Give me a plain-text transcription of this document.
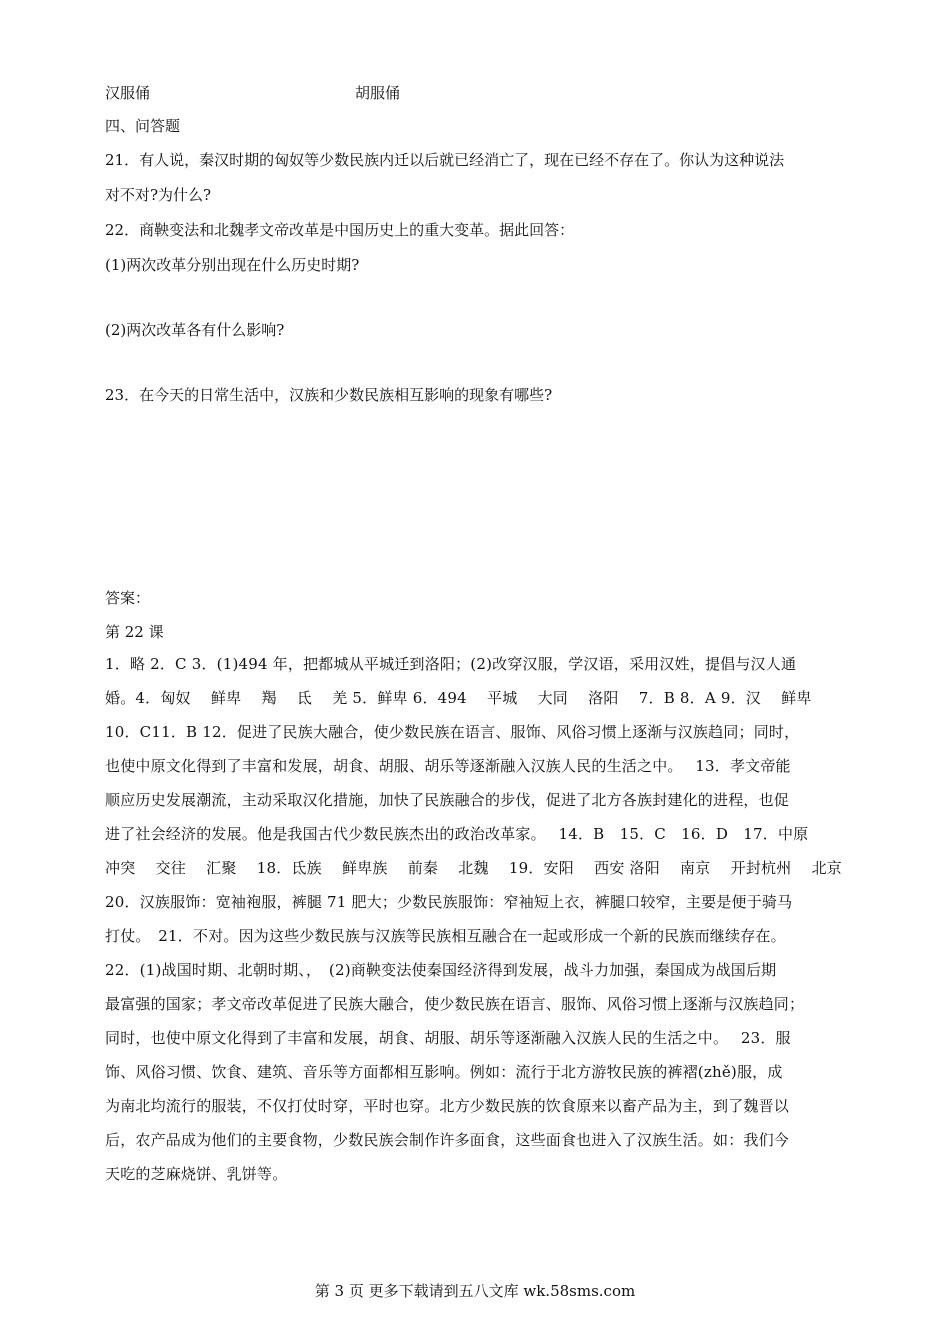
汉服俑	胡服俑
四、问答题
21．有人说，秦汉时期的匈奴等少数民族内迁以后就已经消亡了，现在已经不存在了。你认为这种说法
对不对?为什么?
22．商鞅变法和北魏孝文帝改革是中国历史上的重大变革。据此回答：
(1)两次改革分别出现在什么历史时期?
(2)两次改革各有什么影响?
23．在今天的日常生活中，汉族和少数民族相互影响的现象有哪些?
答案：
第 22 课
1．略 2．C 3．(1)494 年，把都城从平城迁到洛阳；(2)改穿汉服，学汉语，采用汉姓，提倡与汉人通
婚。4．匈奴　 鲜卑　 羯　 氐　 羌 5．鲜卑 6．494　 平城　 大同　 洛阳　 7．B 8．A 9．汉　 鲜卑
10．C11．B 12．促进了民族大融合，使少数民族在语言、服饰、风俗习惯上逐渐与汉族趋同；同时，
也使中原文化得到了丰富和发展，胡食、胡服、胡乐等逐渐融入汉族人民的生活之中。　 13．孝文帝能
顺应历史发展潮流，主动采取汉化措施，加快了民族融合的步伐，促进了北方各族封建化的进程，也促
进了社会经济的发展。他是我国古代少数民族杰出的政治改革家。　 14．B　15．C　16．D　17．中原
冲突　 交往　 汇聚　 18．氐族　 鲜卑族　 前秦　 北魏　 19．安阳　 西安 洛阳　 南京　 开封杭州　 北京
20．汉族服饰：宽袖袍服，裤腿 71 肥大；少数民族服饰：窄袖短上衣，裤腿口较窄，主要是便于骑马
打仗。　21．不对。因为这些少数民族与汉族等民族相互融合在一起或形成一个新的民族而继续存在。
22．(1)战国时期、北朝时期、，　(2)商鞅变法使秦国经济得到发展，战斗力加强，秦国成为战国后期
最富强的国家；孝文帝改革促进了民族大融合，使少数民族在语言、服饰、风俗习惯上逐渐与汉族趋同；
同时，也使中原文化得到了丰富和发展，胡食、胡服、胡乐等逐渐融入汉族人民的生活之中。　 23．服
饰、风俗习惯、饮食、建筑、音乐等方面都相互影响。例如：流行于北方游牧民族的裤褶(zhě)服，成
为南北均流行的服装，不仅打仗时穿，平时也穿。北方少数民族的饮食原来以畜产品为主，到了魏晋以
后，农产品成为他们的主要食物，少数民族会制作许多面食，这些面食也进入了汉族生活。如：我们今
天吃的芝麻烧饼、乳饼等。
第 3 页 更多下载请到五八文库 wk.58sms.com
